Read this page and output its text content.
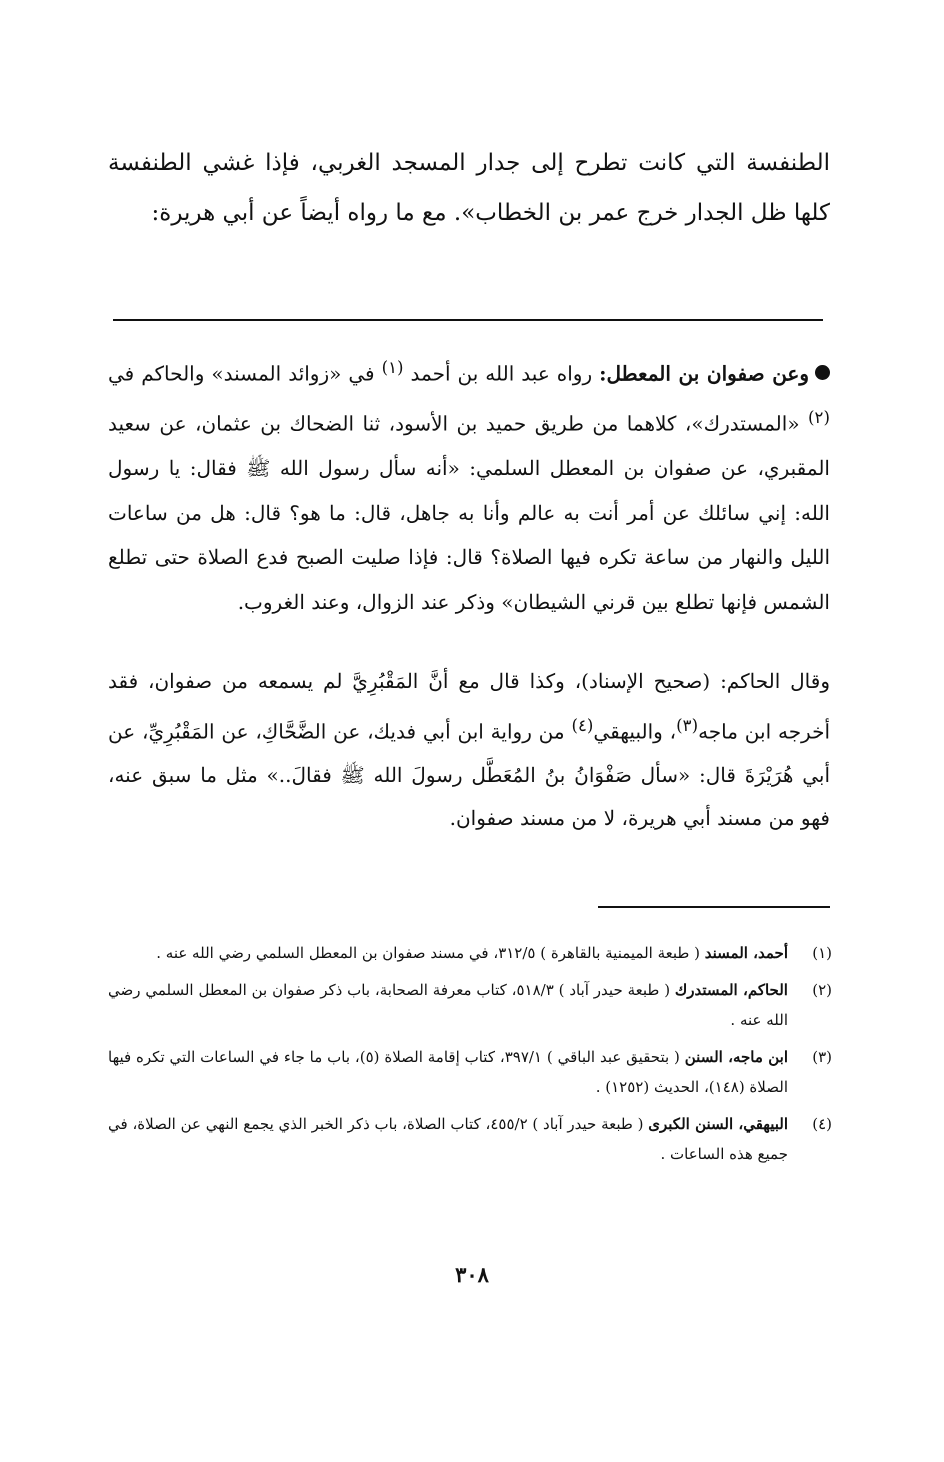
الطنفسة التي كانت تطرح إلى جدار المسجد الغربي، فإذا غشي الطنفسة كلها ظل الجدار خرج عمر بن الخطاب». مع ما رواه أيضاً عن أبي هريرة:

وعن صفوان بن المعطل: رواه عبد الله بن أحمد $^{(١)}$ في «زوائد المسند» والحاكم في $^{(٢)}$ «المستدرك»، كلاهما من طريق حميد بن الأسود، ثنا الضحاك بن عثمان، عن سعيد المقبري، عن صفوان بن المعطل السلمي: «أنه سأل رسول الله ﷺ فقال: يا رسول الله: إني سائلك عن أمر أنت به عالم وأنا به جاهل، قال: ما هو؟ قال: هل من ساعات الليل والنهار من ساعة تكره فيها الصلاة؟ قال: فإذا صليت الصبح فدع الصلاة حتى تطلع الشمس فإنها تطلع بين قرني الشيطان» وذكر عند الزوال، وعند الغروب.

وقال الحاكم: (صحيح الإسناد)، وكذا قال مع أنَّ المَقْبُرِيَّ لم يسمعه من صفوان، فقد أخرجه ابن ماجه$^{(٣)}$، والبيهقي$^{(٤)}$ من رواية ابن أبي فديك، عن الضَّحَّاكِ، عن المَقْبُرِيِّ، عن أبي هُرَيْرَةَ قال: «سأل صَفْوَانُ بنُ المُعَطَّل رسولَ الله ﷺ فقالَ..» مثل ما سبق عنه، فهو من مسند أبي هريرة، لا من مسند صفوان.

(١)
أحمد، المسند ( طبعة الميمنية بالقاهرة ) ٣١٢/٥، في مسند صفوان بن المعطل السلمي رضي الله عنه .

(٢)
الحاكم، المستدرك ( طبعة حيدر آباد ) ٥١٨/٣، كتاب معرفة الصحابة، باب ذكر صفوان بن المعطل السلمي رضي الله عنه .

(٣)
ابن ماجه، السنن ( بتحقيق عبد الباقي ) ٣٩٧/١، كتاب إقامة الصلاة (٥)، باب ما جاء في الساعات التي تكره فيها الصلاة (١٤٨)، الحديث (١٢٥٢) .

(٤)
البيهقي، السنن الكبرى ( طبعة حيدر آباد ) ٤٥٥/٢، كتاب الصلاة، باب ذكر الخبر الذي يجمع النهي عن الصلاة، في جميع هذه الساعات .

٣٠٨
